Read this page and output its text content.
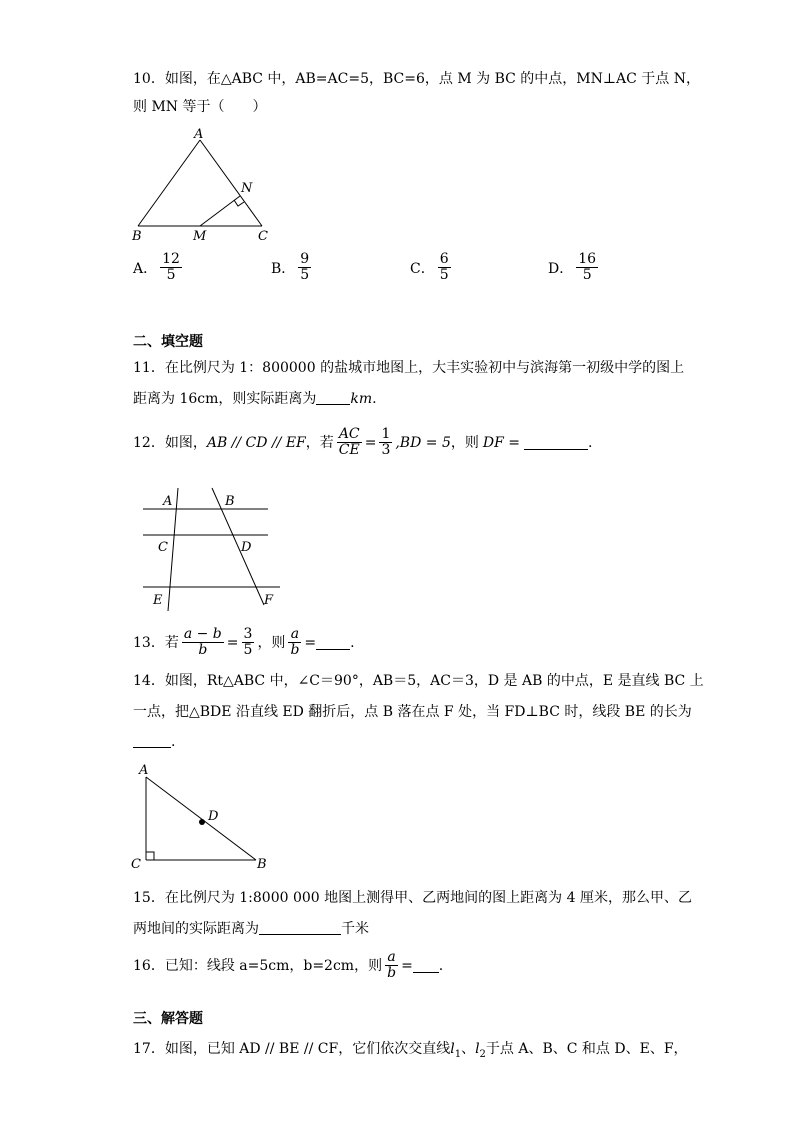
10．如图，在△ABC 中，AB=AC=5，BC=6，点 M 为 BC 的中点，MN⊥AC 于点 N，
则 MN 等于（　　）
A
B	C
M
N
A． $\frac{12}{5}$	B． $\frac{9}{5}$	C． $\frac{6}{5}$	D． $\frac{16}{5}$
二、填空题
11．在比例尺为 1：800000 的盐城市地图上，大丰实验初中与滨海第一初级中学的图上
距离为 16cm，则实际距离为 km.
12．如图， AB // CD // EF ，若 $\frac{AC}{CE} = \frac{1}{3} ,BD = 5$ ，则 DF =	.
A	B
C	D
E	F
13．若 $\frac{a - b}{b} = \frac{3}{5}$ ，则 $\frac{a}{b}$ = .
14．如图，Rt△ABC 中，∠C＝90°，AB＝5，AC＝3，D 是 AB 的中点，E 是直线 BC 上
一点，把△BDE 沿直线 ED 翻折后，点 B 落在点 F 处，当 FD⊥BC 时，线段 BE 的长为
.
A
C	B
D
15．在比例尺为 1:8000 000 地图上测得甲、乙两地间的图上距离为 4 厘米，那么甲、乙
两地间的实际距离为	千米
16．已知：线段 a=5cm，b=2cm，则 $\frac{a}{b}$ = .
三、解答题
17．如图，已知 AD // BE // CF，它们依次交直线$l_1$、$l_2$于点 A、B、C 和点 D、E、F，
